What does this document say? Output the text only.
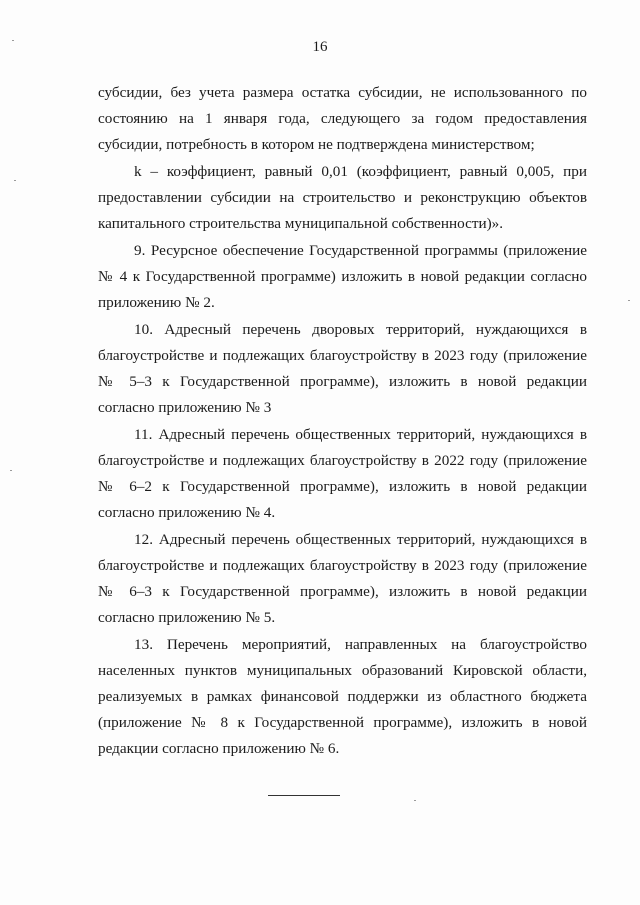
16

субсидии, без учета размера остатка субсидии, не использованного по состоянию на 1 января года, следующего за годом предоставления субсидии, потребность в котором не подтверждена министерством;

k – коэффициент, равный 0,01 (коэффициент, равный 0,005, при предоставлении субсидии на строительство и реконструкцию объектов капитального строительства муниципальной собственности)».

9. Ресурсное обеспечение Государственной программы (приложение № 4 к Государственной программе) изложить в новой редакции согласно приложению № 2.

10. Адресный перечень дворовых территорий, нуждающихся в благоустройстве и подлежащих благоустройству в 2023 году (приложение № 5–3 к Государственной программе), изложить в новой редакции согласно приложению № 3

11. Адресный перечень общественных территорий, нуждающихся в благоустройстве и подлежащих благоустройству в 2022 году (приложение № 6–2 к Государственной программе), изложить в новой редакции согласно приложению № 4.

12. Адресный перечень общественных территорий, нуждающихся в благоустройстве и подлежащих благоустройству в 2023 году (приложение № 6–3 к Государственной программе), изложить в новой редакции согласно приложению № 5.

13. Перечень мероприятий, направленных на благоустройство населенных пунктов муниципальных образований Кировской области, реализуемых в рамках финансовой поддержки из областного бюджета (приложение № 8 к Государственной программе), изложить в новой редакции согласно приложению № 6.
